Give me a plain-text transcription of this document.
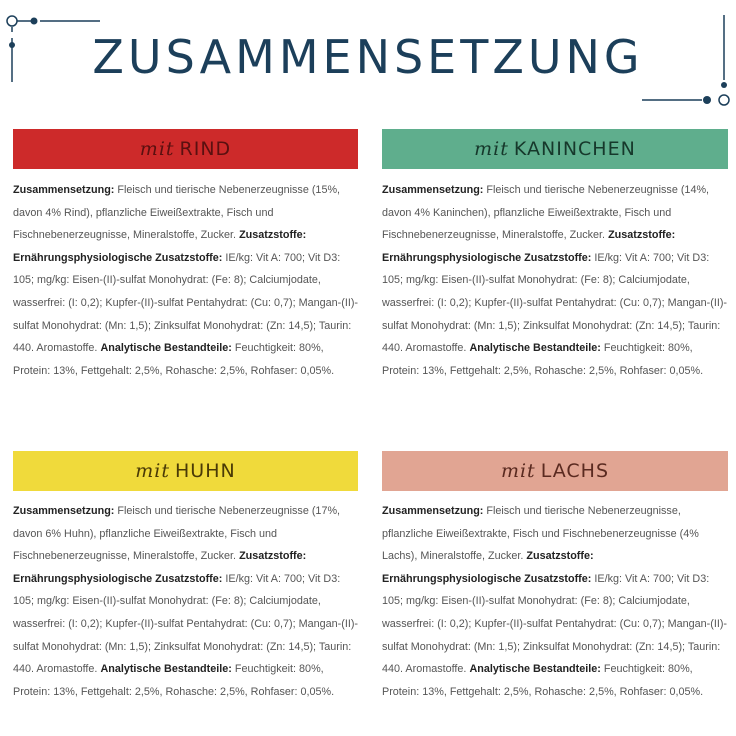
ZUSAMMENSETZUNG
mit RIND	mit KANINCHEN
mit HUHN	mit LACHS
Zusammensetzung: Fleisch und tierische Nebenerzeugnisse (15%, davon 4% Rind), pflanzliche Eiweißextrakte, Fisch und Fischnebenerzeugnisse, Mineralstoffe, Zucker. Zusatzstoffe: Ernährungsphysiologische Zusatzstoffe: IE/kg: Vit A: 700; Vit D3: 105; mg/kg: Eisen-(II)-sulfat Monohydrat: (Fe: 8); Calciumjodate, wasserfrei: (I: 0,2); Kupfer-(II)-sulfat Pentahydrat: (Cu: 0,7); Mangan-(II)-sulfat Monohydrat: (Mn: 1,5); Zinksulfat Monohydrat: (Zn: 14,5); Taurin: 440. Aromastoffe. Analytische Bestandteile: Feuchtigkeit: 80%, Protein: 13%, Fettgehalt: 2,5%, Rohasche: 2,5%, Rohfaser: 0,05%.
Zusammensetzung: Fleisch und tierische Nebenerzeugnisse (14%, davon 4% Kaninchen), pflanzliche Eiweißextrakte, Fisch und Fischnebenerzeugnisse, Mineralstoffe, Zucker. Zusatzstoffe: Ernährungsphysiologische Zusatzstoffe: IE/kg: Vit A: 700; Vit D3: 105; mg/kg: Eisen-(II)-sulfat Monohydrat: (Fe: 8); Calciumjodate, wasserfrei: (I: 0,2); Kupfer-(II)-sulfat Pentahydrat: (Cu: 0,7); Mangan-(II)-sulfat Monohydrat: (Mn: 1,5); Zinksulfat Monohydrat: (Zn: 14,5); Taurin: 440. Aromastoffe. Analytische Bestandteile: Feuchtigkeit: 80%, Protein: 13%, Fettgehalt: 2,5%, Rohasche: 2,5%, Rohfaser: 0,05%.
Zusammensetzung: Fleisch und tierische Nebenerzeugnisse (17%, davon 6% Huhn), pflanzliche Eiweißextrakte, Fisch und Fischnebenerzeugnisse, Mineralstoffe, Zucker. Zusatzstoffe: Ernährungsphysiologische Zusatzstoffe: IE/kg: Vit A: 700; Vit D3: 105; mg/kg: Eisen-(II)-sulfat Monohydrat: (Fe: 8); Calciumjodate, wasserfrei: (I: 0,2); Kupfer-(II)-sulfat Pentahydrat: (Cu: 0,7); Mangan-(II)-sulfat Monohydrat: (Mn: 1,5); Zinksulfat Monohydrat: (Zn: 14,5); Taurin: 440. Aromastoffe. Analytische Bestandteile: Feuchtigkeit: 80%, Protein: 13%, Fettgehalt: 2,5%, Rohasche: 2,5%, Rohfaser: 0,05%.
Zusammensetzung: Fleisch und tierische Nebenerzeugnisse, pflanzliche Eiweißextrakte, Fisch und Fischnebenerzeugnisse (4% Lachs), Mineralstoffe, Zucker. Zusatzstoffe: Ernährungsphysiologische Zusatzstoffe: IE/kg: Vit A: 700; Vit D3: 105; mg/kg: Eisen-(II)-sulfat Monohydrat: (Fe: 8); Calciumjodate, wasserfrei: (I: 0,2); Kupfer-(II)-sulfat Pentahydrat: (Cu: 0,7); Mangan-(II)-sulfat Monohydrat: (Mn: 1,5); Zinksulfat Monohydrat: (Zn: 14,5); Taurin: 440. Aromastoffe. Analytische Bestandteile: Feuchtigkeit: 80%, Protein: 13%, Fettgehalt: 2,5%, Rohasche: 2,5%, Rohfaser: 0,05%.
